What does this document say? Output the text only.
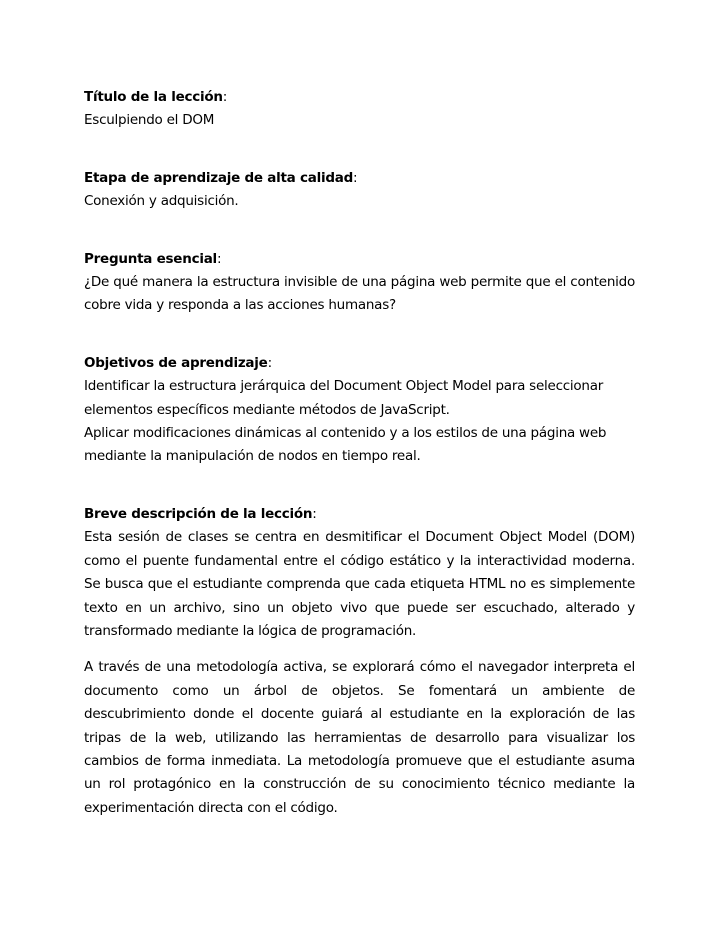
Título de la lección:

Esculpiendo el DOM

Etapa de aprendizaje de alta calidad:

Conexión y adquisición.

Pregunta esencial:

¿De qué manera la estructura invisible de una página web permite que el contenido cobre vida y responda a las acciones humanas?

Objetivos de aprendizaje:

Identificar la estructura jerárquica del Document Object Model para seleccionar elementos específicos mediante métodos de JavaScript.

Aplicar modificaciones dinámicas al contenido y a los estilos de una página web mediante la manipulación de nodos en tiempo real.

Breve descripción de la lección:

Esta sesión de clases se centra en desmitificar el Document Object Model (DOM) como el puente fundamental entre el código estático y la interactividad moderna. Se busca que el estudiante comprenda que cada etiqueta HTML no es simplemente texto en un archivo, sino un objeto vivo que puede ser escuchado, alterado y transformado mediante la lógica de programación.

A través de una metodología activa, se explorará cómo el navegador interpreta el documento como un árbol de objetos. Se fomentará un ambiente de descubrimiento donde el docente guiará al estudiante en la exploración de las tripas de la web, utilizando las herramientas de desarrollo para visualizar los cambios de forma inmediata. La metodología promueve que el estudiante asuma un rol protagónico en la construcción de su conocimiento técnico mediante la experimentación directa con el código.
